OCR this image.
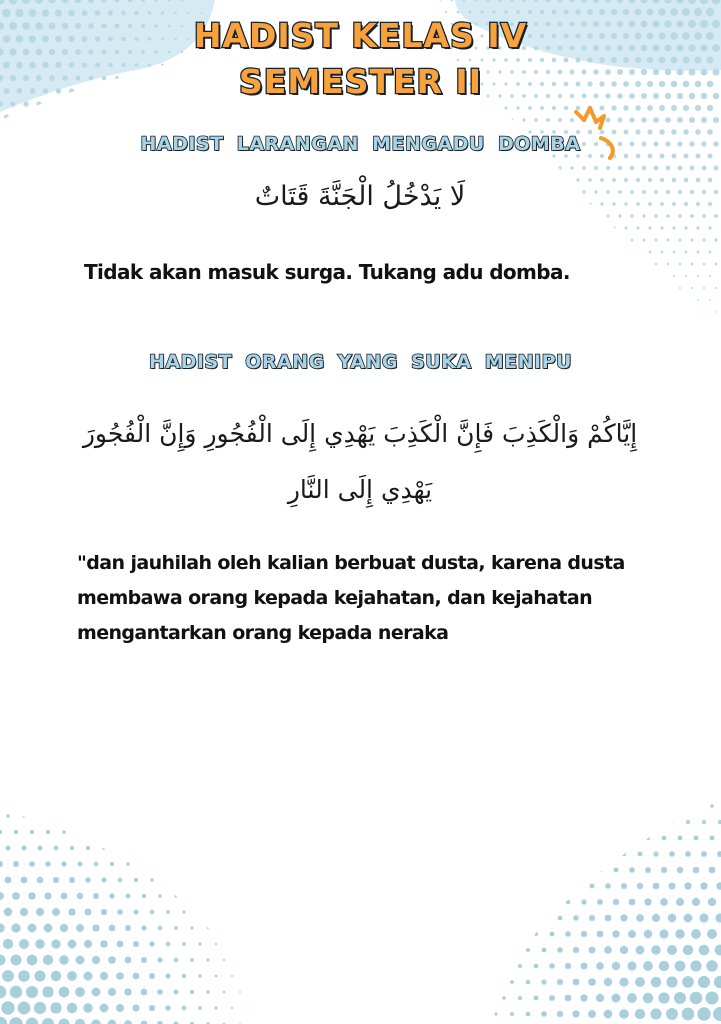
HADIST KELAS IV
SEMESTER II
HADIST LARANGAN MENGADU DOMBA
لَا يَدْخُلُ الْجَنَّةَ قَتَاتٌ
Tidak akan masuk surga. Tukang adu domba.
HADIST ORANG YANG SUKA MENIPU
إِيَّاكُمْ وَالْكَذِبَ فَإِنَّ الْكَذِبَ يَهْدِي إِلَى الْفُجُورِ وَإِنَّ الْفُجُورَ
يَهْدِي إِلَى النَّارِ
"dan jauhilah oleh kalian berbuat dusta, karena dusta
membawa orang kepada kejahatan, dan kejahatan
mengantarkan orang kepada neraka
